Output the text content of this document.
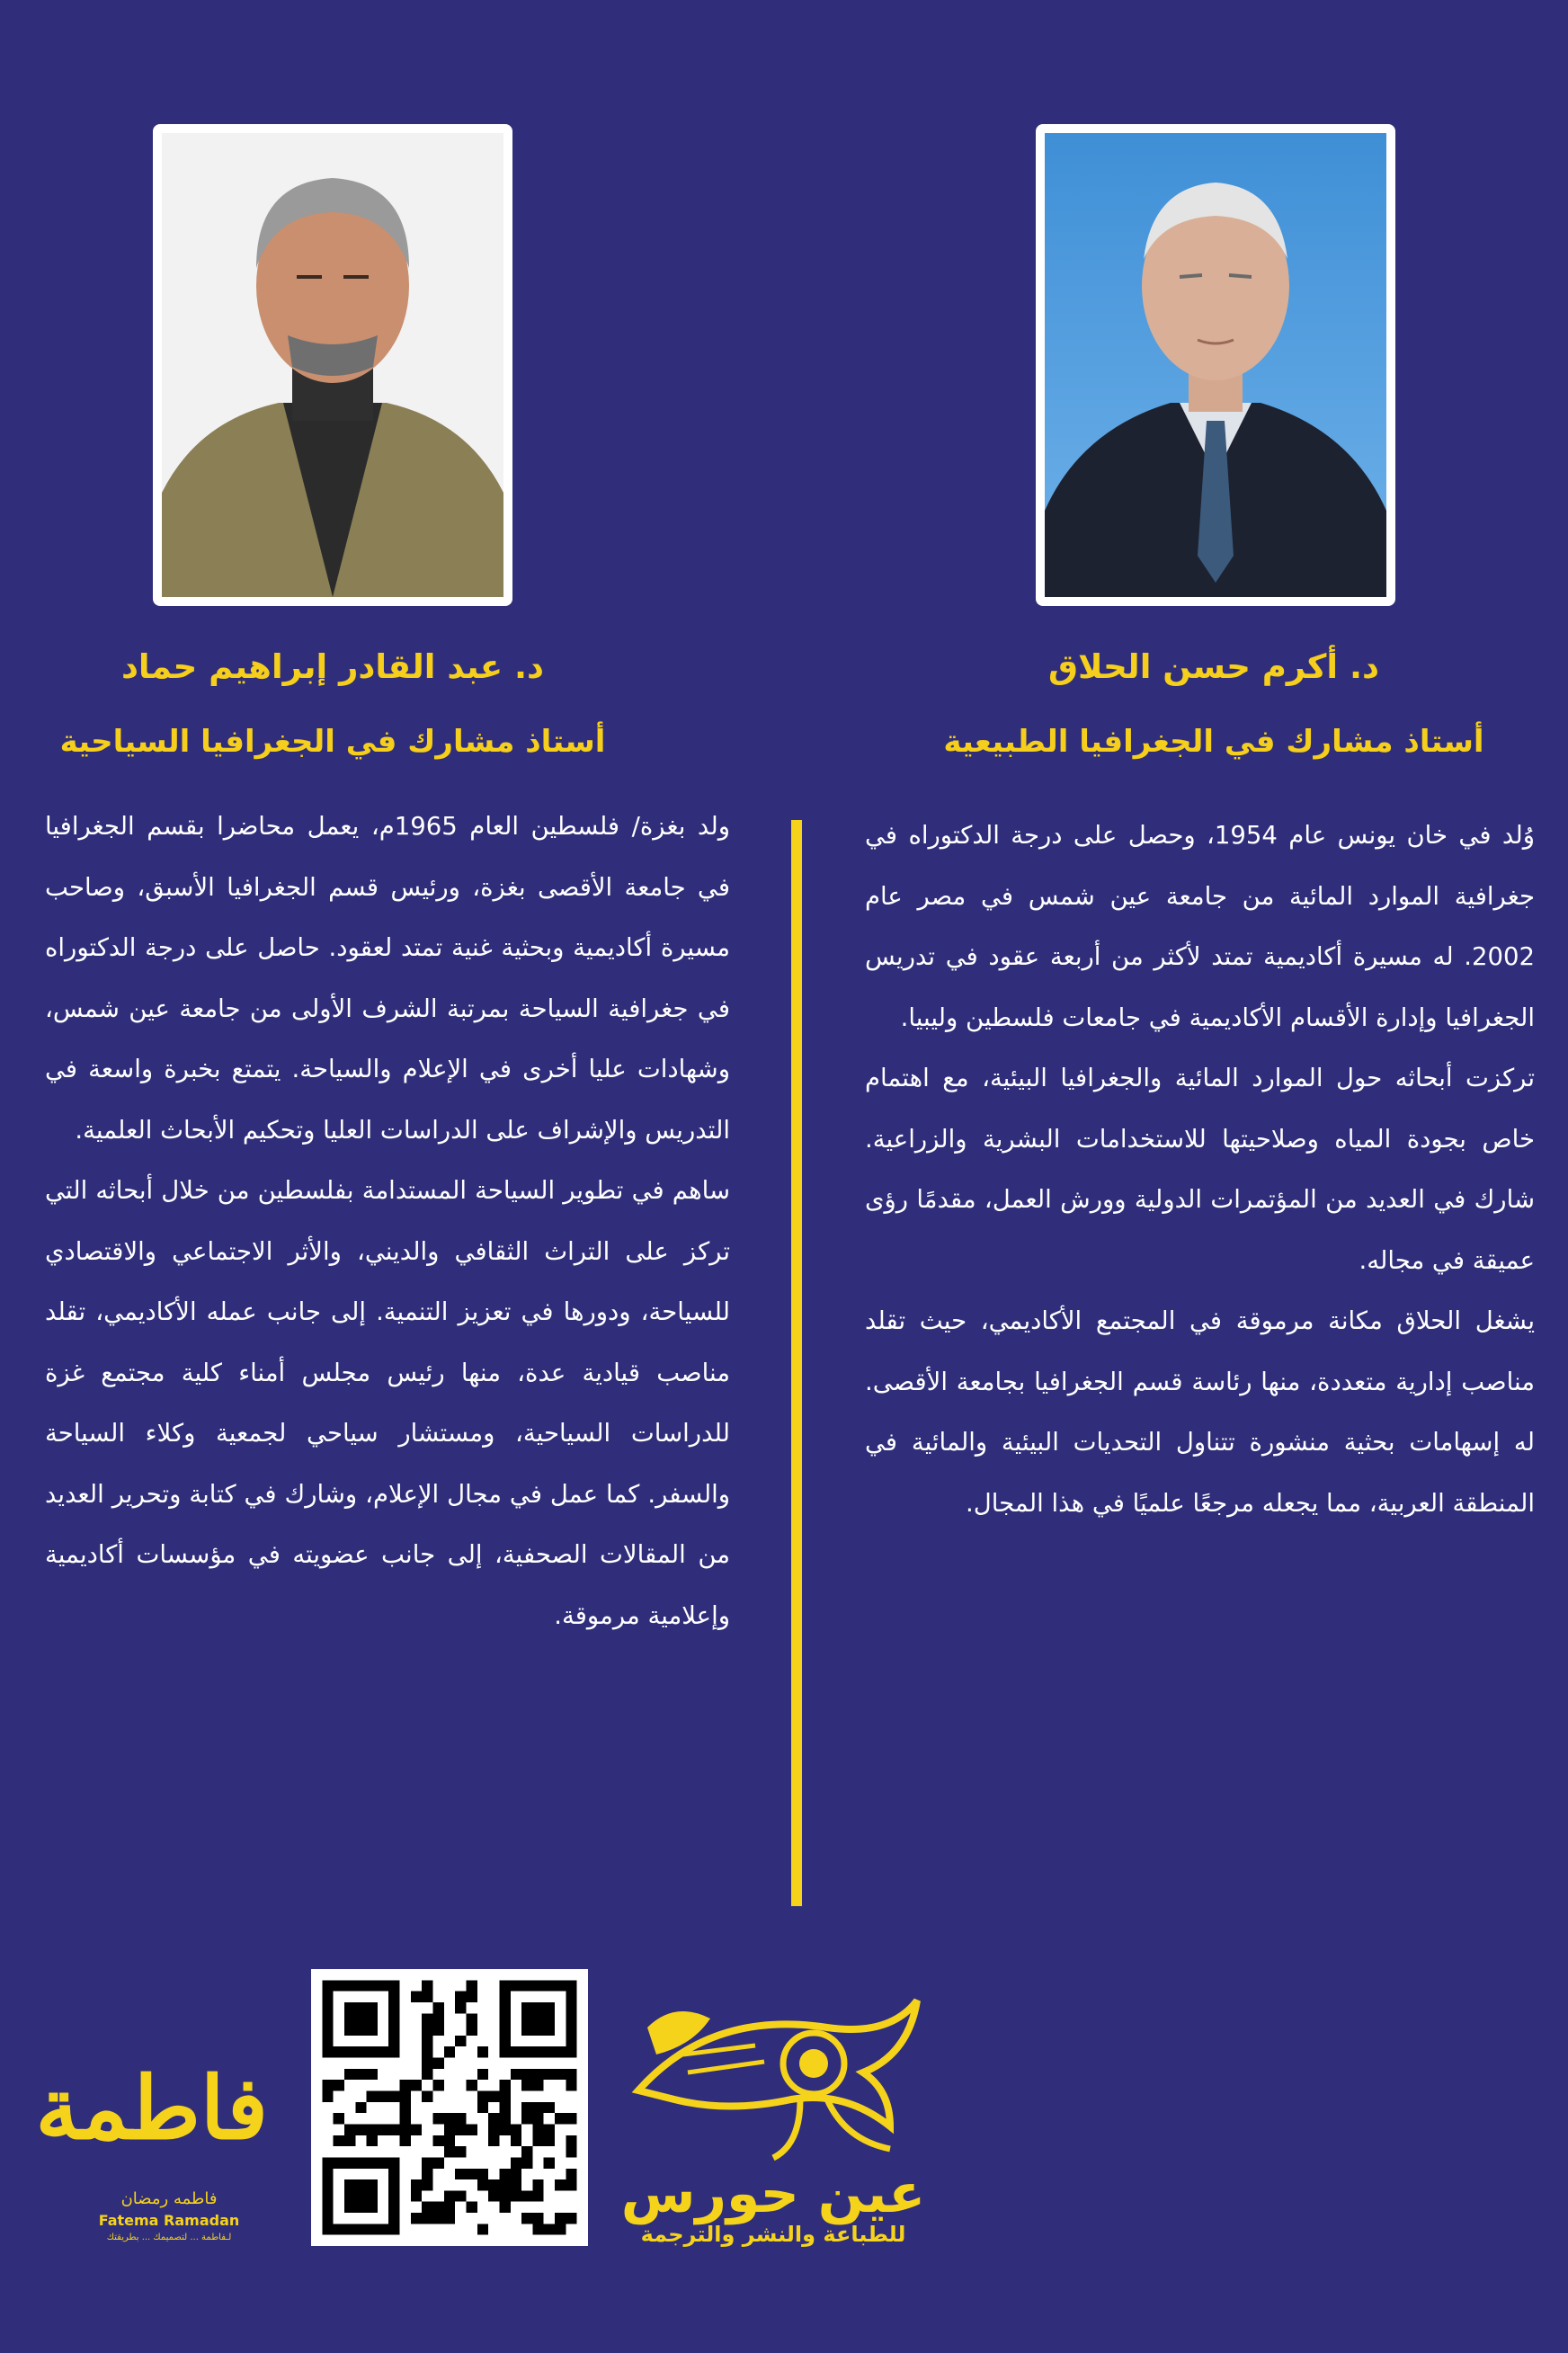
د. أكرم حسن الحلاق
أستاذ مشارك في الجغرافيا الطبيعية
د. عبد القادر إبراهيم حماد
أستاذ مشارك في الجغرافيا السياحية

وُلد في خان يونس عام 1954، وحصل على درجة الدكتوراه في جغرافية الموارد المائية من جامعة عين شمس في مصر عام 2002. له مسيرة أكاديمية تمتد لأكثر من أربعة عقود في تدريس الجغرافيا وإدارة الأقسام الأكاديمية في جامعات فلسطين وليبيا.

تركزت أبحاثه حول الموارد المائية والجغرافيا البيئية، مع اهتمام خاص بجودة المياه وصلاحيتها للاستخدامات البشرية والزراعية. شارك في العديد من المؤتمرات الدولية وورش العمل، مقدمًا رؤى عميقة في مجاله.

يشغل الحلاق مكانة مرموقة في المجتمع الأكاديمي، حيث تقلد مناصب إدارية متعددة، منها رئاسة قسم الجغرافيا بجامعة الأقصى. له إسهامات بحثية منشورة تتناول التحديات البيئية والمائية في المنطقة العربية، مما يجعله مرجعًا علميًا في هذا المجال.

ولد بغزة/ فلسطين العام 1965م، يعمل محاضرا بقسم الجغرافيا في جامعة الأقصى بغزة، ورئيس قسم الجغرافيا الأسبق، وصاحب مسيرة أكاديمية وبحثية غنية تمتد لعقود. حاصل على درجة الدكتوراه في جغرافية السياحة بمرتبة الشرف الأولى من جامعة عين شمس، وشهادات عليا أخرى في الإعلام والسياحة. يتمتع بخبرة واسعة في التدريس والإشراف على الدراسات العليا وتحكيم الأبحاث العلمية.

ساهم في تطوير السياحة المستدامة بفلسطين من خلال أبحاثه التي تركز على التراث الثقافي والديني، والأثر الاجتماعي والاقتصادي للسياحة، ودورها في تعزيز التنمية. إلى جانب عمله الأكاديمي، تقلد مناصب قيادية عدة، منها رئيس مجلس أمناء كلية مجتمع غزة للدراسات السياحية، ومستشار سياحي لجمعية وكلاء السياحة والسفر. كما عمل في مجال الإعلام، وشارك في كتابة وتحرير العديد من المقالات الصحفية، إلى جانب عضويته في مؤسسات أكاديمية وإعلامية مرموقة.

عين حورس
للطباعة والنشر والترجمة
فاطمة
فاطمه رمضان
Fatema Ramadan
لـفاطمة ... لتصميمك ... بطريقتك
